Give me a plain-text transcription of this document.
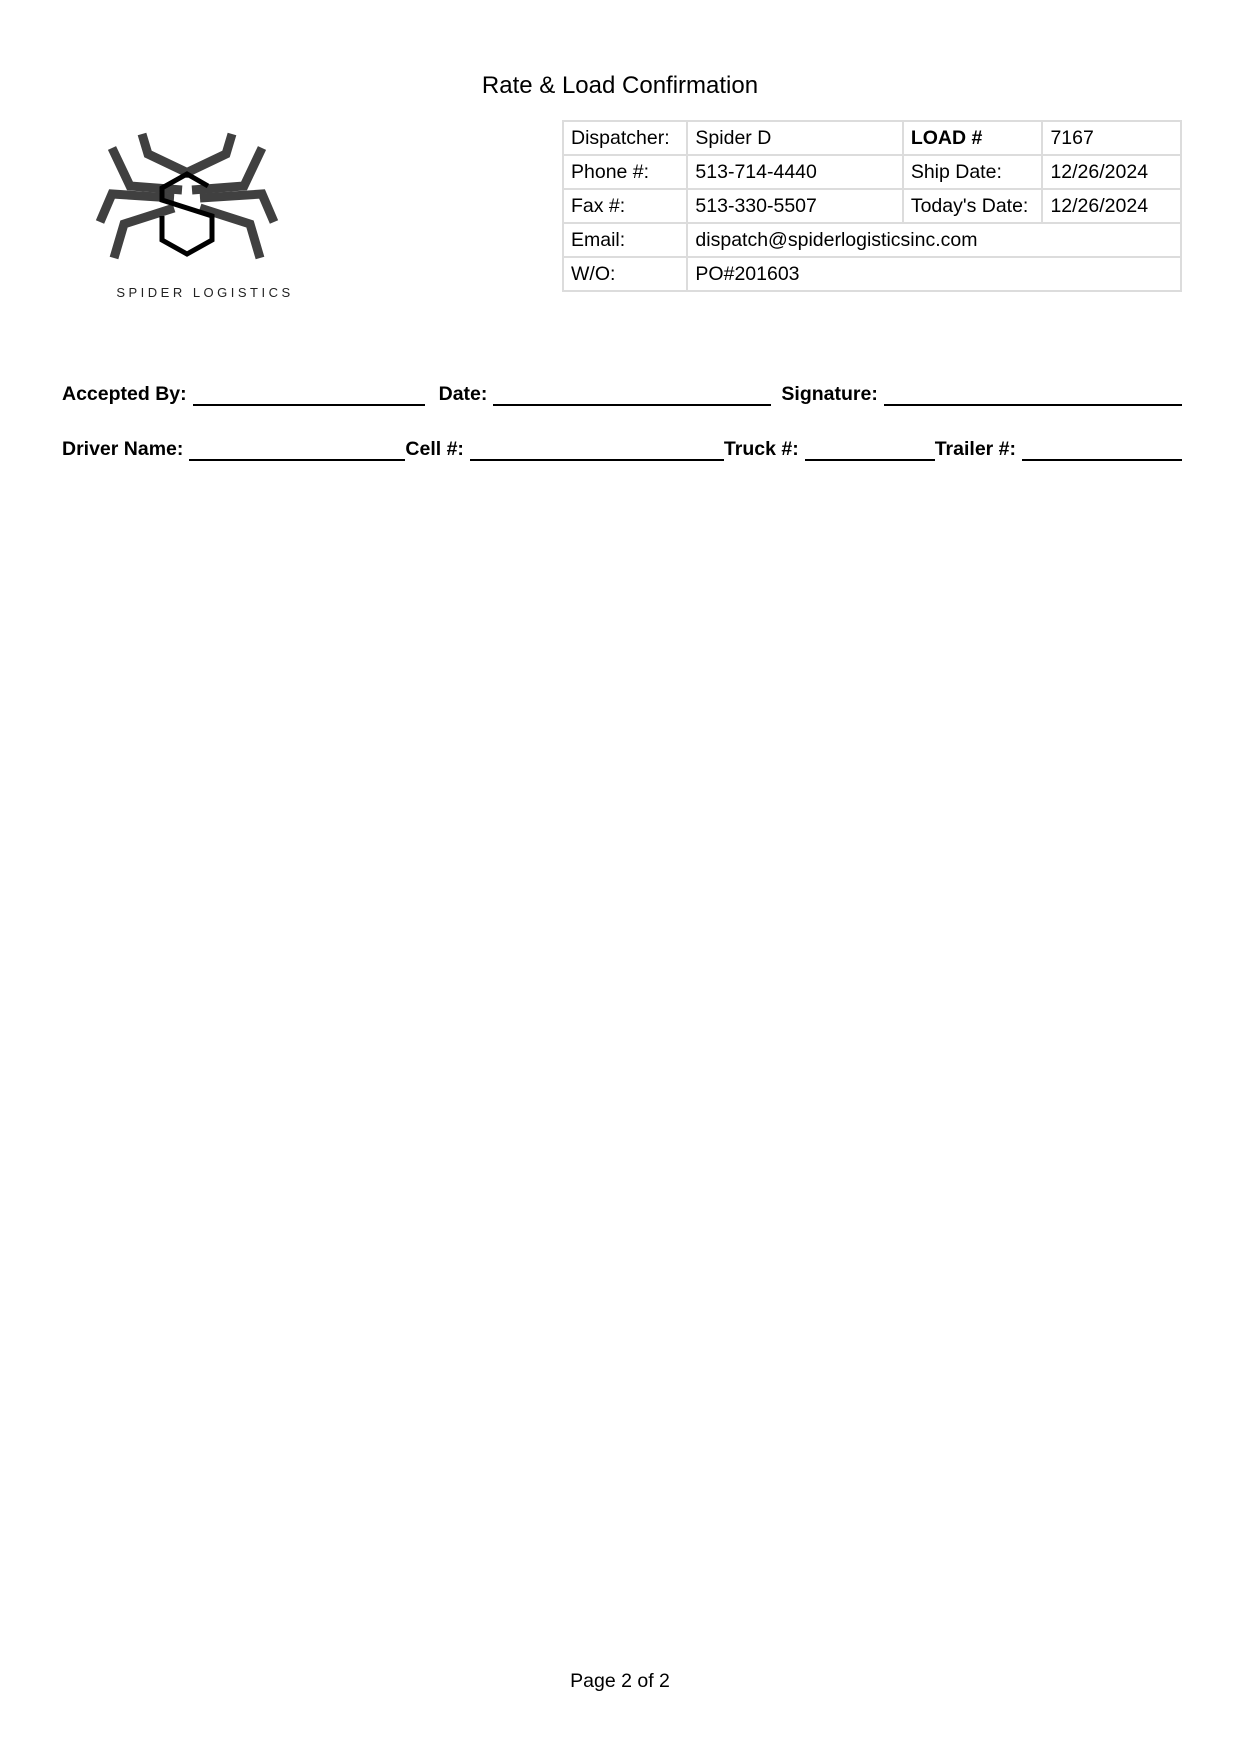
Rate & Load Confirmation
SPIDER LOGISTICS
Dispatcher:	Spider D	LOAD #	7167
Phone #:	513-714-4440	Ship Date:	12/26/2024
Fax #:	513-330-5507	Today's Date:	12/26/2024
Email:	dispatch@spiderlogisticsinc.com		
W/O:	PO#201603		
Accepted By:	Date:	Signature:
Driver Name:	Cell #:	Truck #:	Trailer #:
Page 2 of 2
